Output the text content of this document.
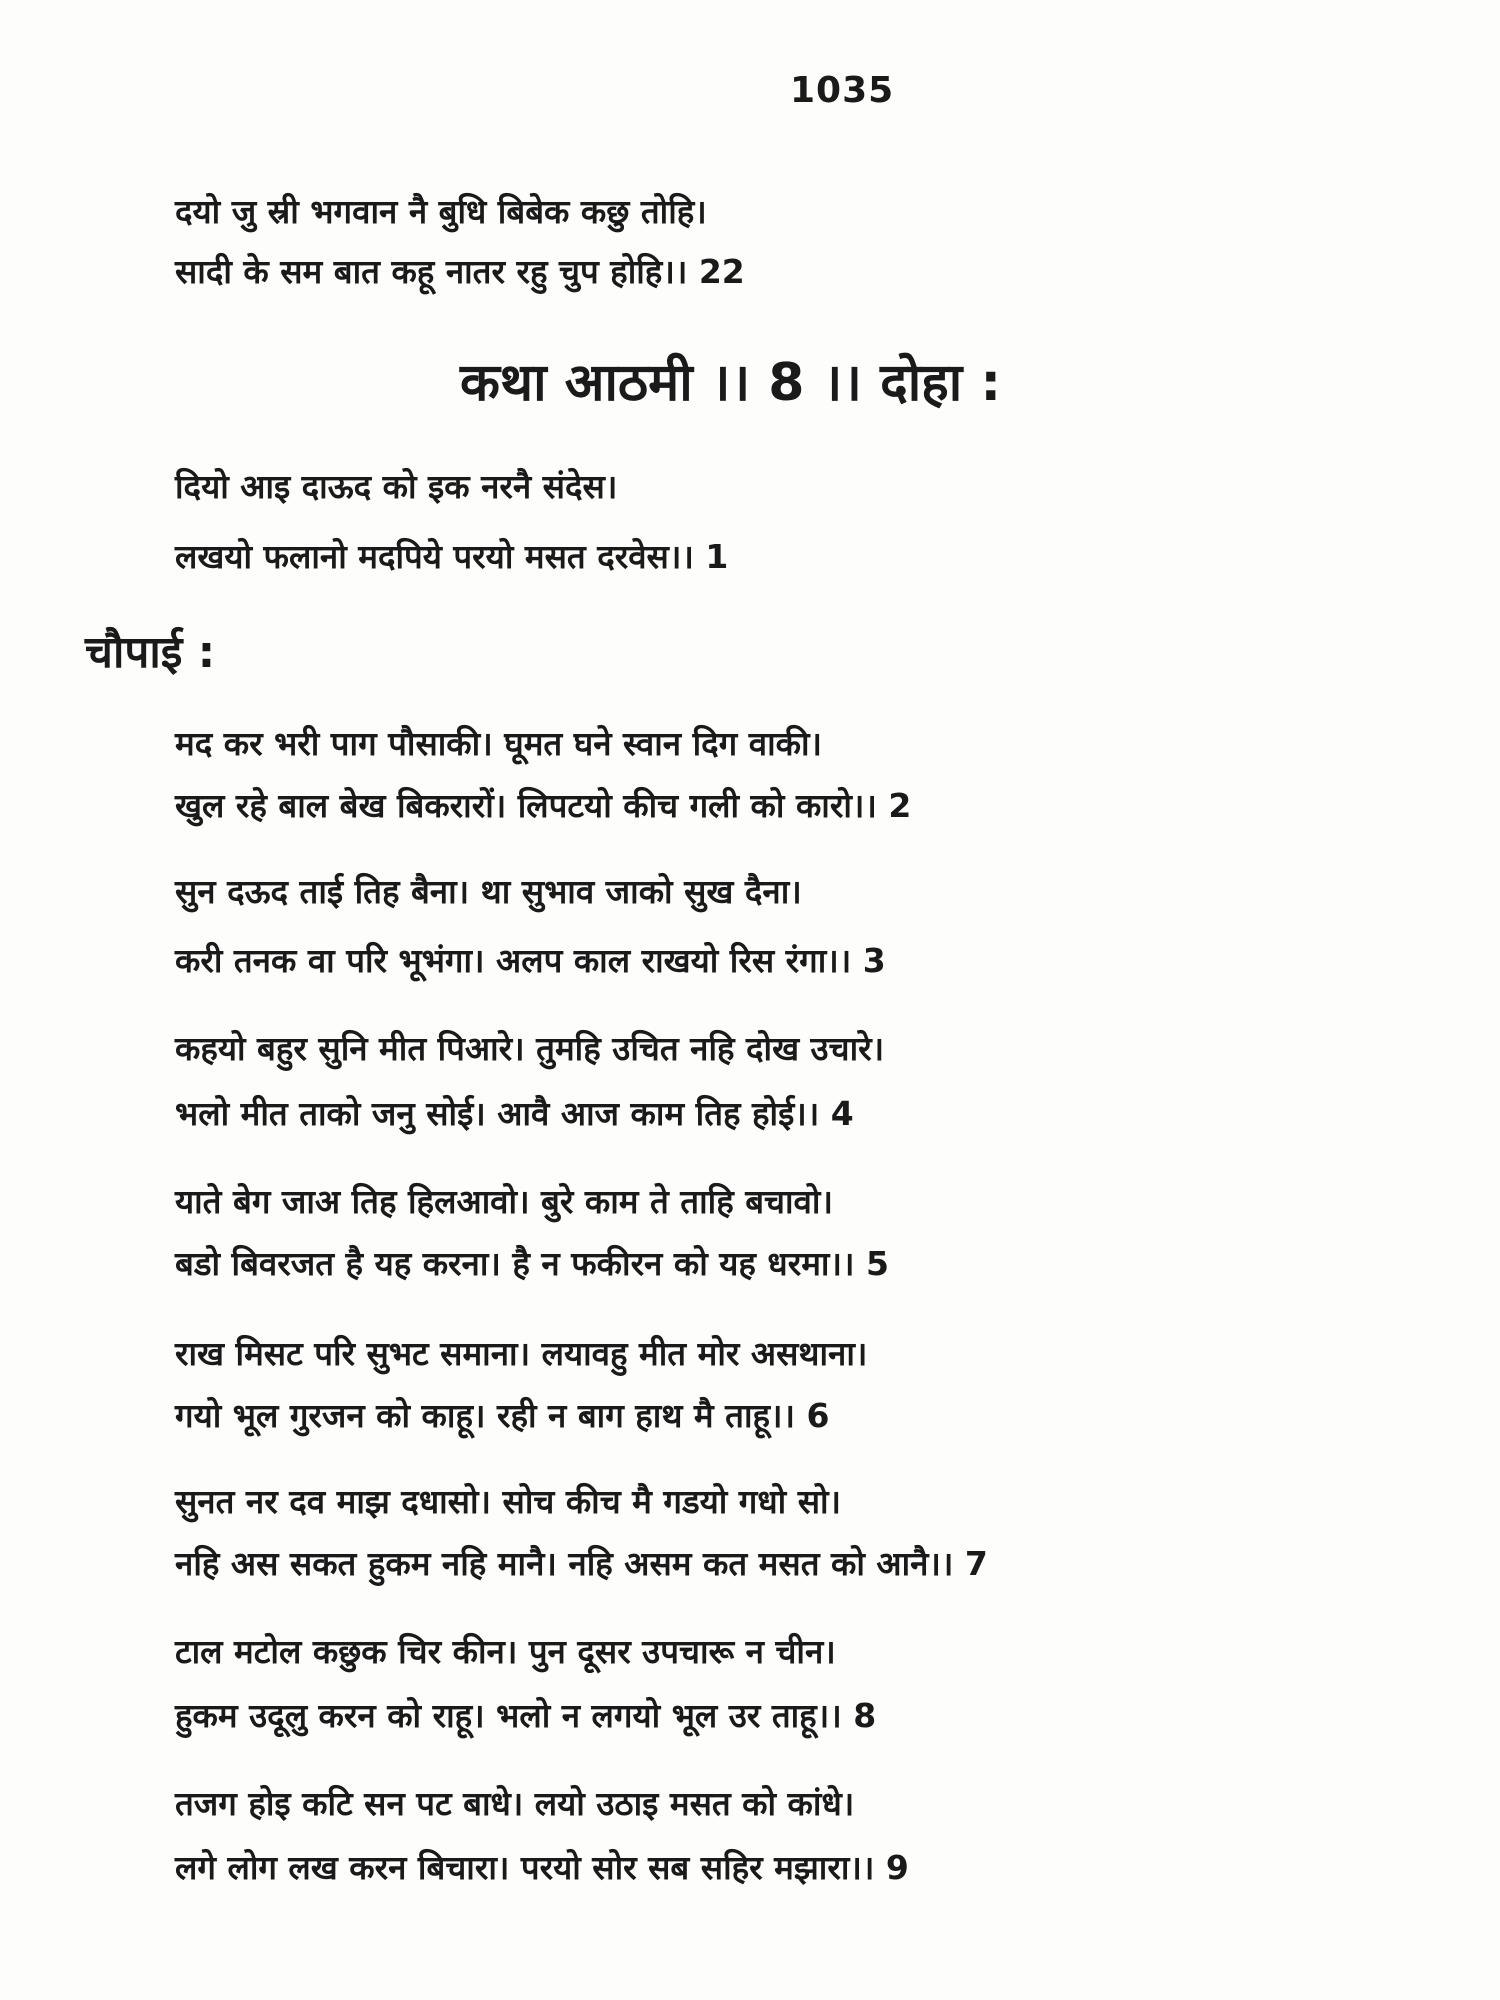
1035
दयो जु स्री भगवान नै बुधि बिबेक कछु तोहि।
सादी के सम बात कहू नातर रहु चुप होहि।। 22
कथा आठमी ।। 8 ।। दोहा :
दियो आइ दाऊद को इक नरनै संदेस।
लखयो फलानो मदपिये परयो मसत दरवेस।। 1
चौपाई :
मद कर भरी पाग पौसाकी। घूमत घने स्वान दिग वाकी।
खुल रहे बाल बेख बिकरारों। लिपटयो कीच गली को कारो।। 2
सुन दऊद ताई तिह बैना। था सुभाव जाको सुख दैना।
करी तनक वा परि भूभंगा। अलप काल राखयो रिस रंगा।। 3
कहयो बहुर सुनि मीत पिआरे। तुमहि उचित नहि दोख उचारे।
भलो मीत ताको जनु सोई। आवै आज काम तिह होई।। 4
याते बेग जाअ तिह हिलआवो। बुरे काम ते ताहि बचावो।
बडो बिवरजत है यह करना। है न फकीरन को यह धरमा।। 5
राख मिसट परि सुभट समाना। लयावहु मीत मोर असथाना।
गयो भूल गुरजन को काहू। रही न बाग हाथ मै ताहू।। 6
सुनत नर दव माझ दधासो। सोच कीच मै गडयो गधो सो।
नहि अस सकत हुकम नहि मानै। नहि असम कत मसत को आनै।। 7
टाल मटोल कछुक चिर कीन। पुन दूसर उपचारू न चीन।
हुकम उदूलु करन को राहू। भलो न लगयो भूल उर ताहू।। 8
तजग होइ कटि सन पट बाधे। लयो उठाइ मसत को कांधे।
लगे लोग लख करन बिचारा। परयो सोर सब सहिर मझारा।। 9
